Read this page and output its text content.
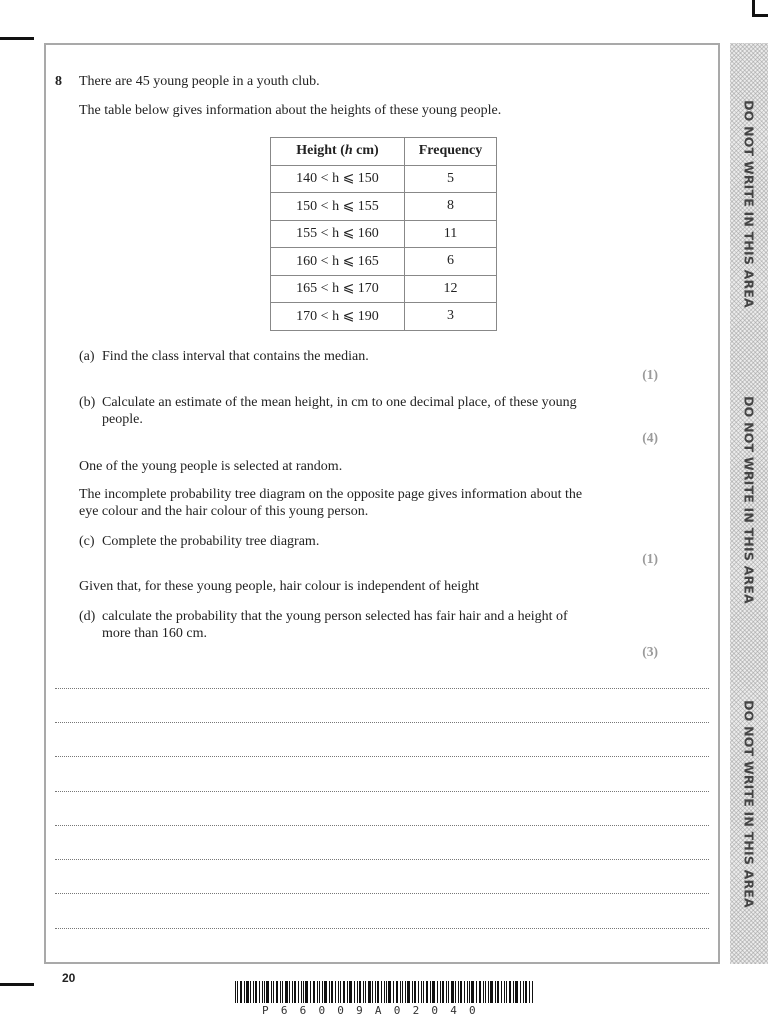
DO NOT WRITE IN THIS AREA
DO NOT WRITE IN THIS AREA
DO NOT WRITE IN THIS AREA
8 There are 45 young people in a youth club.
The table below gives information about the heights of these young people.
Height (h cm)	Frequency
140 < h ⩽ 150	5
150 < h ⩽ 155	8
155 < h ⩽ 160	11
160 < h ⩽ 165	6
165 < h ⩽ 170	12
170 < h ⩽ 190	3
(a) Find the class interval that contains the median.
(1)
(b) Calculate an estimate of the mean height, in cm to one decimal place, of these young
people.
(4)
One of the young people is selected at random.
The incomplete probability tree diagram on the opposite page gives information about the
eye colour and the hair colour of this young person.
(c) Complete the probability tree diagram.
(1)
Given that, for these young people, hair colour is independent of height
(d) calculate the probability that the young person selected has fair hair and a height of
more than 160 cm.
(3)
20
P66009A02040
